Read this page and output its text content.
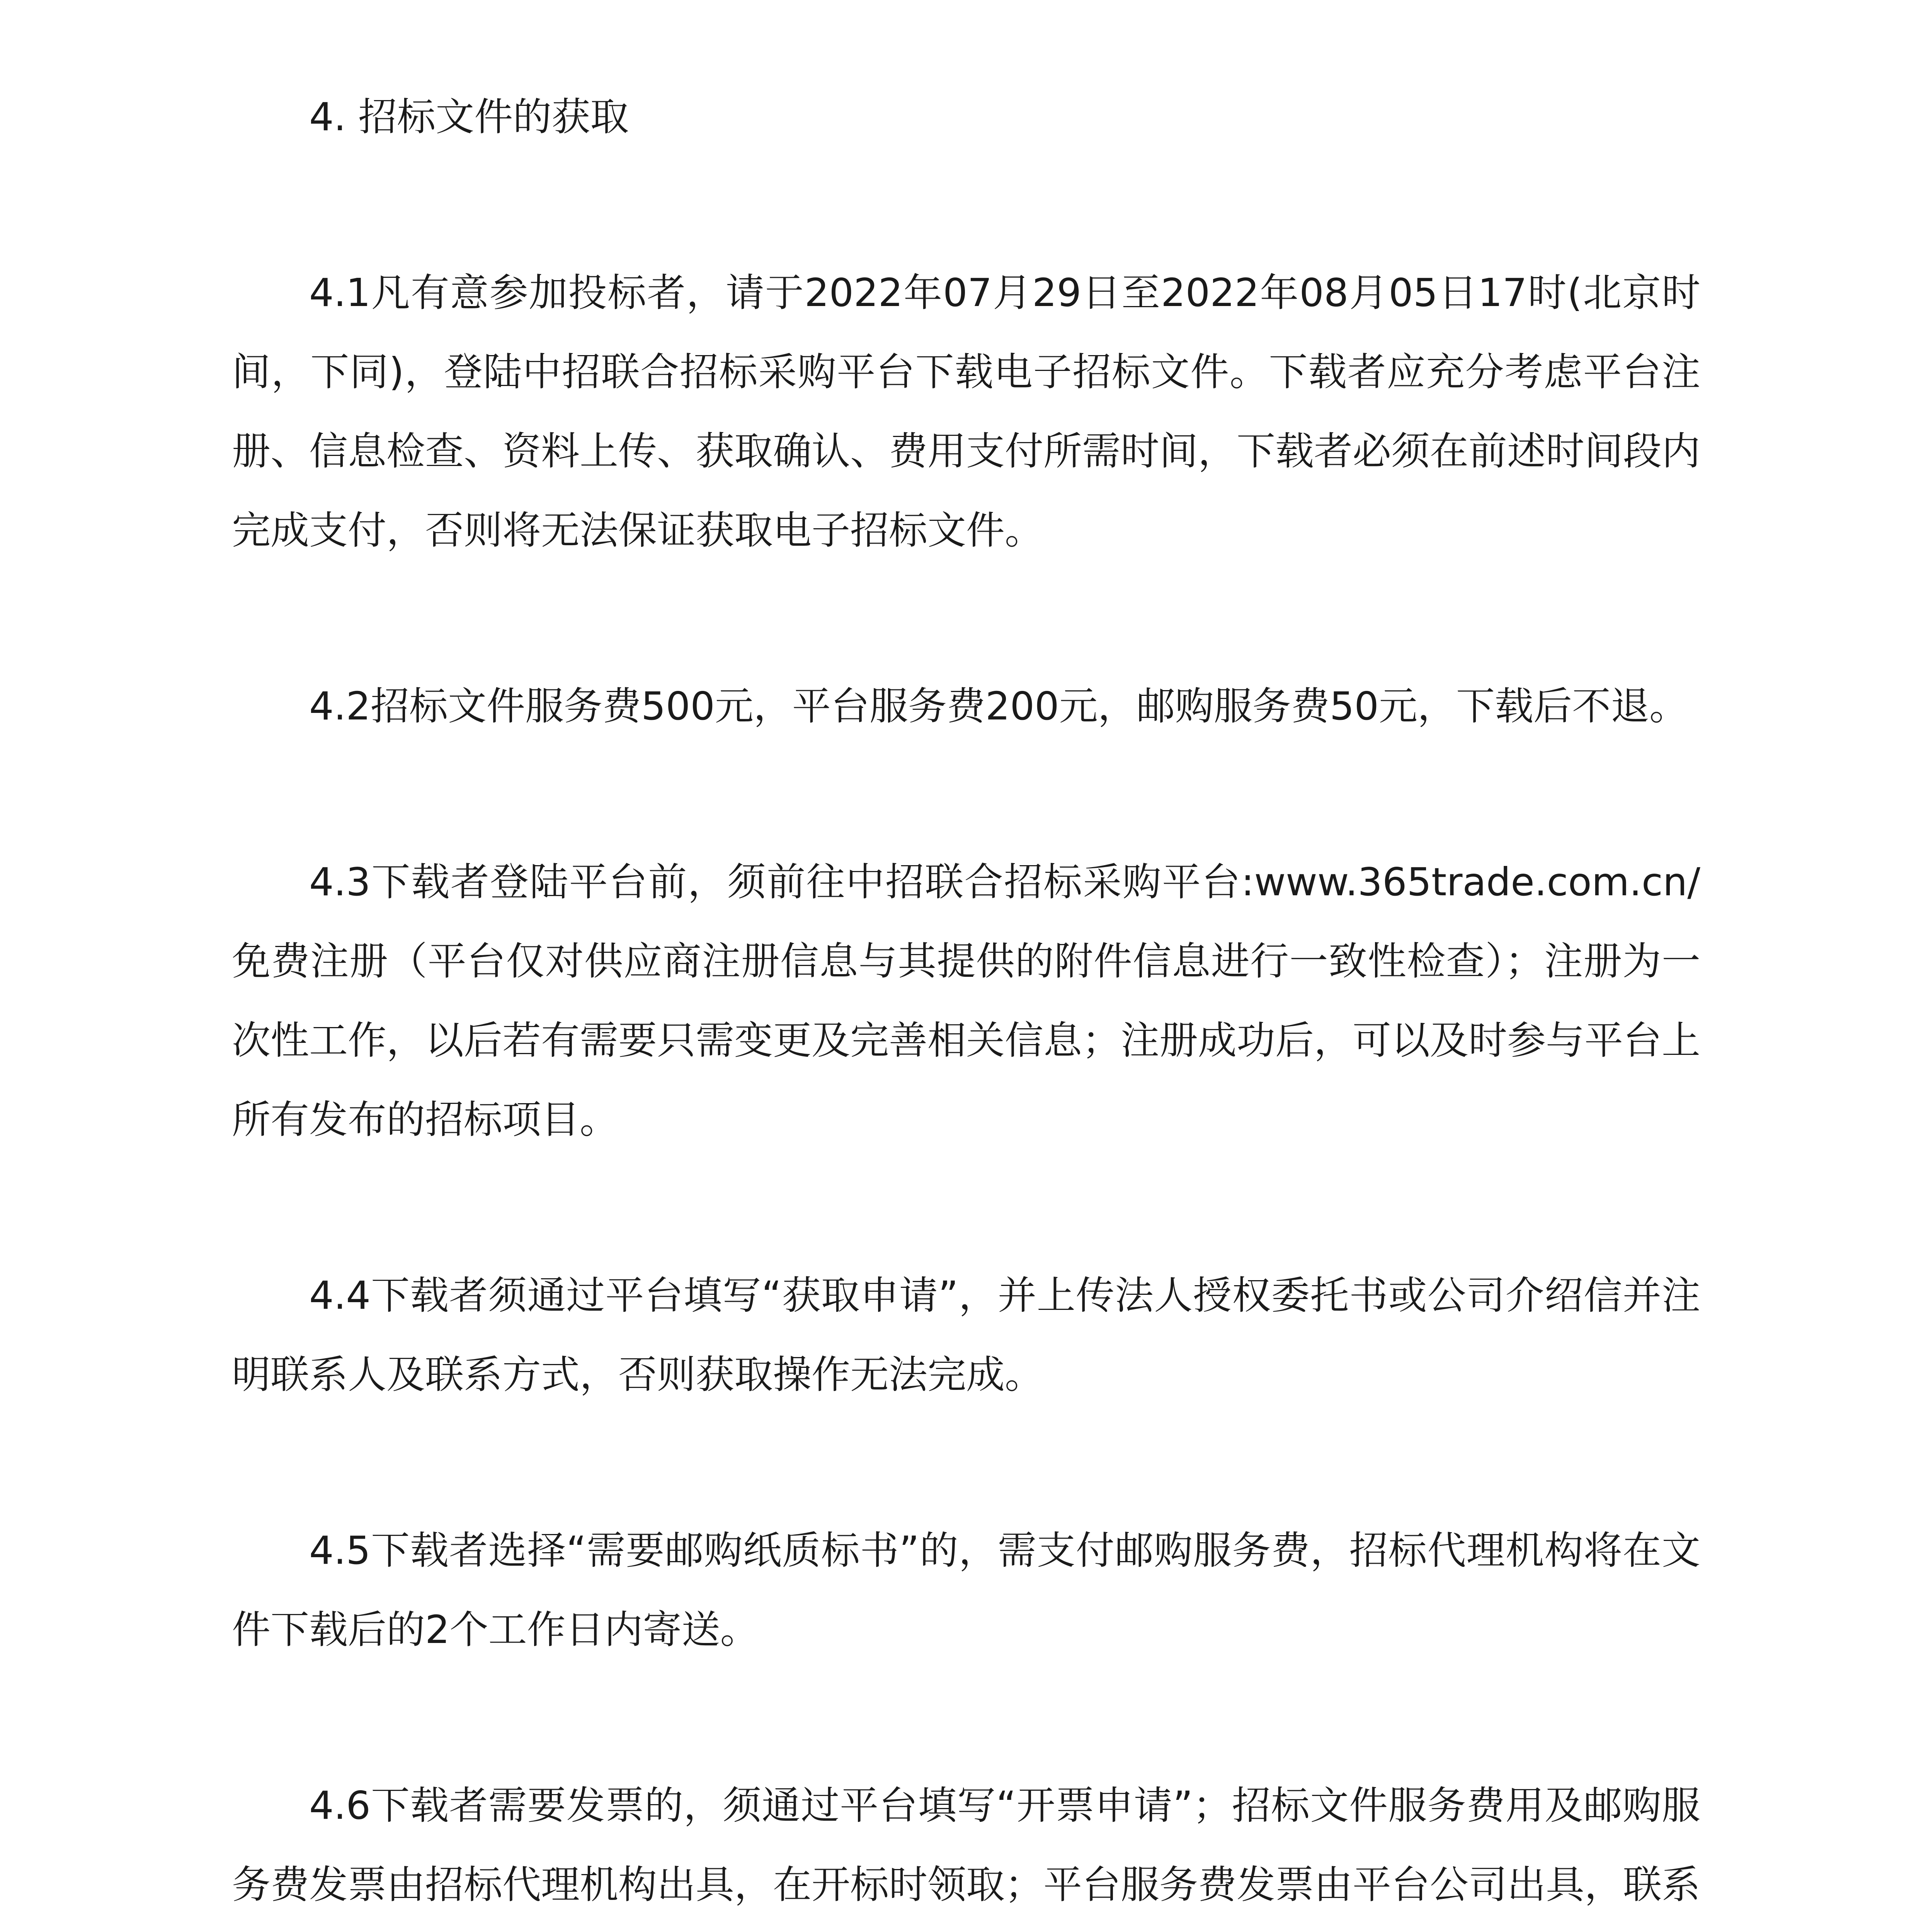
4. 招标文件的获取

4.1凡有意参加投标者，请于2022年07月29日至2022年08月05日17时(北京时间，下同)，登陆中招联合招标采购平台下载电子招标文件。下载者应充分考虑平台注册、信息检查、资料上传、获取确认、费用支付所需时间，下载者必须在前述时间段内完成支付，否则将无法保证获取电子招标文件。

4.2招标文件服务费500元，平台服务费200元，邮购服务费50元，下载后不退。

4.3下载者登陆平台前，须前往中招联合招标采购平台:www.365trade.com.cn/免费注册（平台仅对供应商注册信息与其提供的附件信息进行一致性检查）；注册为一次性工作，以后若有需要只需变更及完善相关信息；注册成功后，可以及时参与平台上所有发布的招标项目。

4.4下载者须通过平台填写“获取申请”，并上传法人授权委托书或公司介绍信并注明联系人及联系方式，否则获取操作无法完成。

4.5下载者选择“需要邮购纸质标书”的，需支付邮购服务费，招标代理机构将在文件下载后的2个工作日内寄送。

4.6下载者需要发票的，须通过平台填写“开票申请”；招标文件服务费用及邮购服务费发票由招标代理机构出具，在开标时领取；平台服务费发票由平台公司出具，联系
